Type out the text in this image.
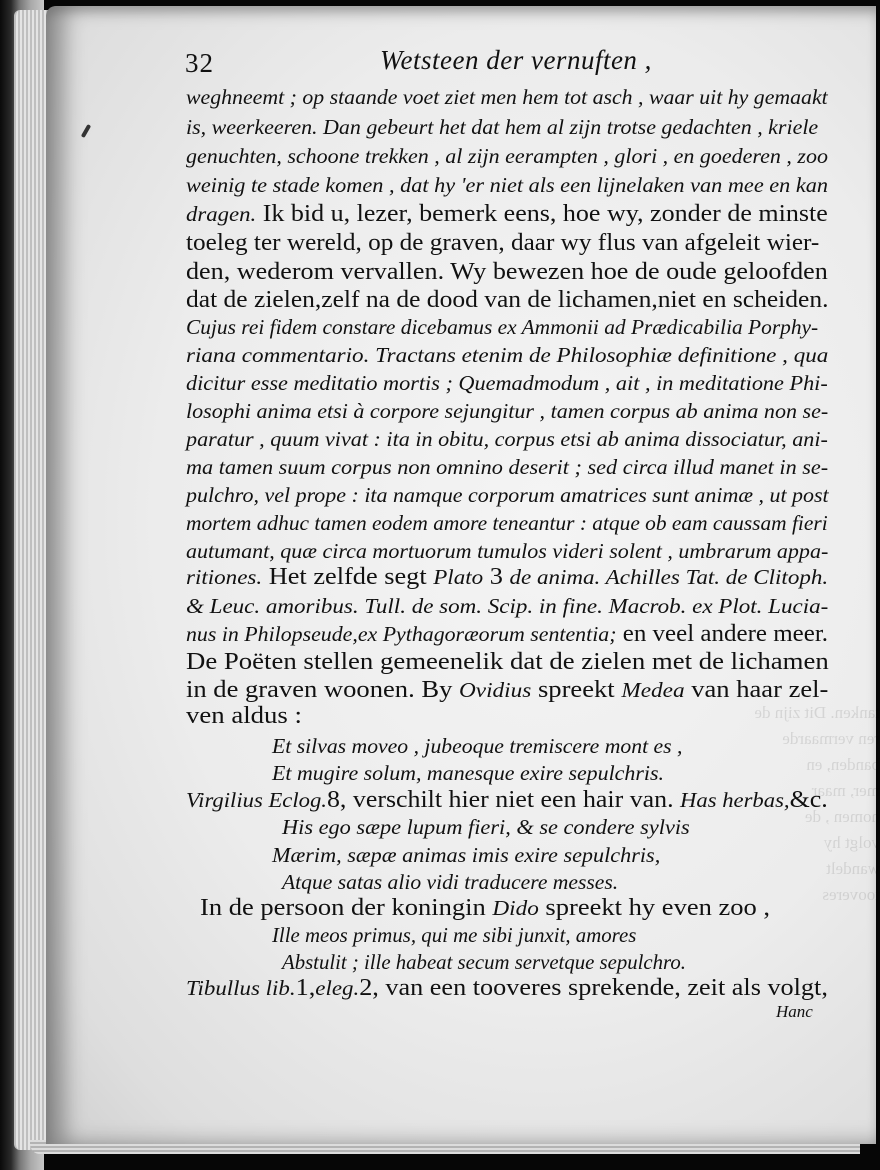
tanken. Dit zijn de
ren vermaarde
banden, en
mer, maar
nomen , de
volgt hy
wandelt
tooveres
32	Wetsteen der vernuften ,
weghneemt ; op staande voet ziet men hem tot asch , waar uit hy gemaakt
is, weerkeeren. Dan gebeurt het dat hem al zijn trotse gedachten , kriele
genuchten, schoone trekken , al zijn eerampten , glori , en goederen , zoo
weinig te stade komen , dat hy 'er niet als een lijnelaken van mee en kan
dragen. Ik bid u, lezer, bemerk eens, hoe wy, zonder de minste
toeleg ter wereld, op de graven, daar wy flus van afgeleit wier-
den, wederom vervallen. Wy bewezen hoe de oude geloofden
dat de zielen,zelf na de dood van de lichamen,niet en scheiden.
Cujus rei fidem constare dicebamus ex Ammonii ad Prædicabilia Porphy-
riana commentario. Tractans etenim de Philosophiæ definitione , qua
dicitur esse meditatio mortis ; Quemadmodum , ait , in meditatione Phi-
losophi anima etsi à corpore sejungitur , tamen corpus ab anima non se-
paratur , quum vivat : ita in obitu, corpus etsi ab anima dissociatur, ani-
ma tamen suum corpus non omnino deserit ; sed circa illud manet in se-
pulchro, vel prope : ita namque corporum amatrices sunt animæ , ut post
mortem adhuc tamen eodem amore teneantur : atque ob eam caussam fieri
autumant, quæ circa mortuorum tumulos videri solent , umbrarum appa-
ritiones. Het zelfde segt Plato 3 de anima. Achilles Tat. de Clitoph.
& Leuc. amoribus. Tull. de som. Scip. in fine. Macrob. ex Plot. Lucia-
nus in Philopseude,ex Pythagoræorum sententia; en veel andere meer.
De Poëten stellen gemeenelik dat de zielen met de lichamen
in de graven woonen. By Ovidius spreekt Medea van haar zel-
ven aldus :
Et silvas moveo , jubeoque tremiscere mont es ,
Et mugire solum, manesque exire sepulchris.
Virgilius Eclog.8, verschilt hier niet een hair van. Has herbas,&c.
His ego sæpe lupum fieri, & se condere sylvis
Mærim, sæpæ animas imis exire sepulchris,
Atque satas alio vidi traducere messes.
In de persoon der koningin Dido spreekt hy even zoo ,
Ille meos primus, qui me sibi junxit, amores
Abstulit ; ille habeat secum servetque sepulchro.
Tibullus lib.1,eleg.2, van een tooveres sprekende, zeit als volgt,
Hanc
